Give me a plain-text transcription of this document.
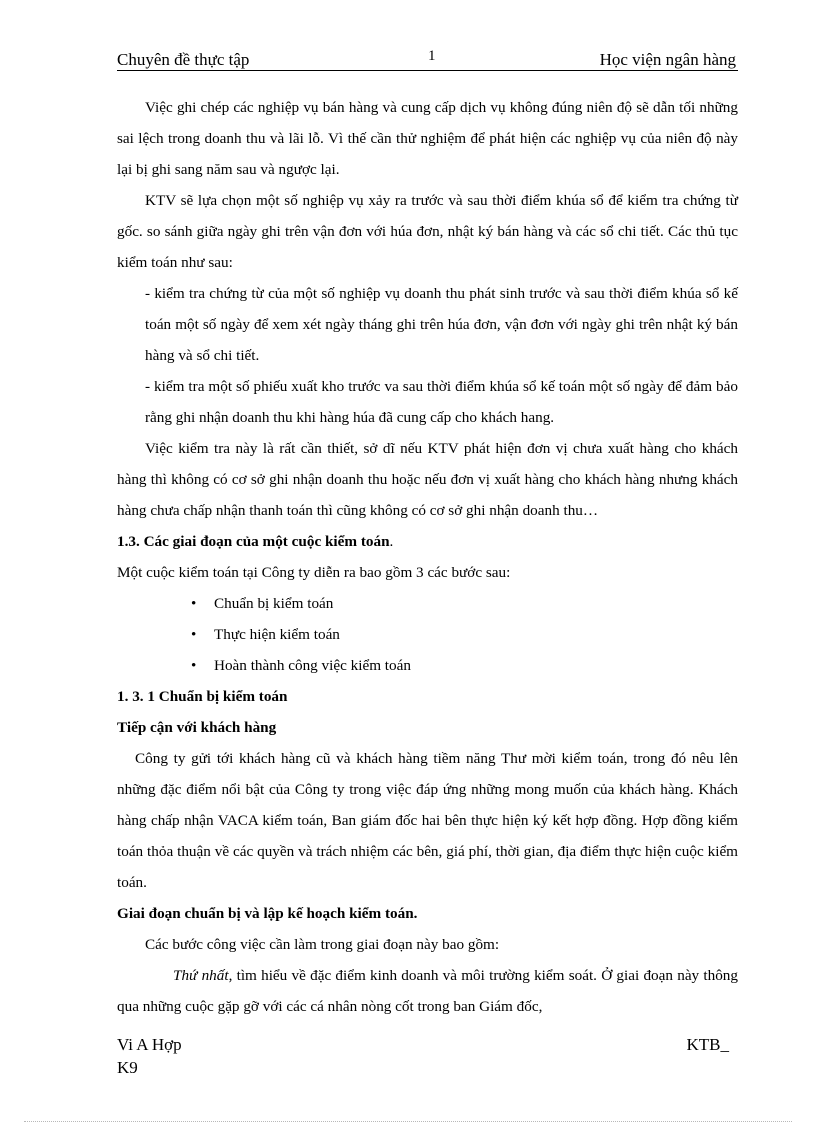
Chuyên đề thực tập	1	Học viện ngân hàng

Việc ghi chép các nghiệp vụ bán hàng và cung cấp dịch vụ không đúng niên độ sẽ dẫn tối những sai lệch trong doanh thu và lãi lỗ. Vì thế cần thử nghiệm để phát hiện các nghiệp vụ của niên độ này lại bị ghi sang năm sau và ngược lại.

KTV sẽ lựa chọn một số nghiệp vụ xảy ra trước và sau thời điểm khúa sổ để kiểm tra chứng từ gốc. so sánh giữa ngày ghi trên vận đơn với húa đơn, nhật ký bán hàng và các sổ chi tiết. Các thủ tục kiểm toán như sau:

- kiểm tra chứng từ của một số nghiệp vụ doanh thu phát sinh trước và sau thời điểm khúa sổ kế toán một số ngày để xem xét ngày tháng ghi trên húa đơn, vận đơn với ngày ghi trên nhật ký bán hàng và sổ chi tiết.

- kiểm tra một số phiếu xuất kho trước va sau thời điểm khúa sổ kế toán một số ngày để đảm bảo rằng ghi nhận doanh thu khi hàng húa đã cung cấp cho khách hang.

Việc kiểm tra này là rất cần thiết, sở dĩ nếu KTV phát hiện đơn vị chưa xuất hàng cho khách hàng thì không có cơ sở ghi nhận doanh thu hoặc nếu đơn vị xuất hàng cho khách hàng nhưng khách hàng chưa chấp nhận thanh toán thì cũng không có cơ sở ghi nhận doanh thu…

1.3. Các giai đoạn của một cuộc kiểm toán.

Một cuộc kiểm toán tại Công ty diễn ra bao gồm 3 các bước sau:

• Chuẩn bị kiểm toán
• Thực hiện kiểm toán
• Hoàn thành công việc kiểm toán

1. 3. 1 Chuẩn bị kiểm toán

Tiếp cận với khách hàng

Công ty gửi tới khách hàng cũ và khách hàng tiềm năng Thư mời kiểm toán, trong đó nêu lên những đặc điểm nổi bật của Công ty trong việc đáp ứng những mong muốn của khách hàng. Khách hàng chấp nhận VACA kiểm toán, Ban giám đốc hai bên thực hiện ký kết hợp đồng. Hợp đồng kiểm toán thỏa thuận về các quyền và trách nhiệm các bên, giá phí, thời gian, địa điểm thực hiện cuộc kiểm toán.

Giai đoạn chuẩn bị và lập kế hoạch kiểm toán.

Các bước công việc cần làm trong giai đoạn này bao gồm:

Thứ nhất, tìm hiểu về đặc điểm kinh doanh và môi trường kiểm soát. Ở giai đoạn này thông qua những cuộc gặp gỡ với các cá nhân nòng cốt trong ban Giám đốc,

Vi A Hợp	KTB_
K9
